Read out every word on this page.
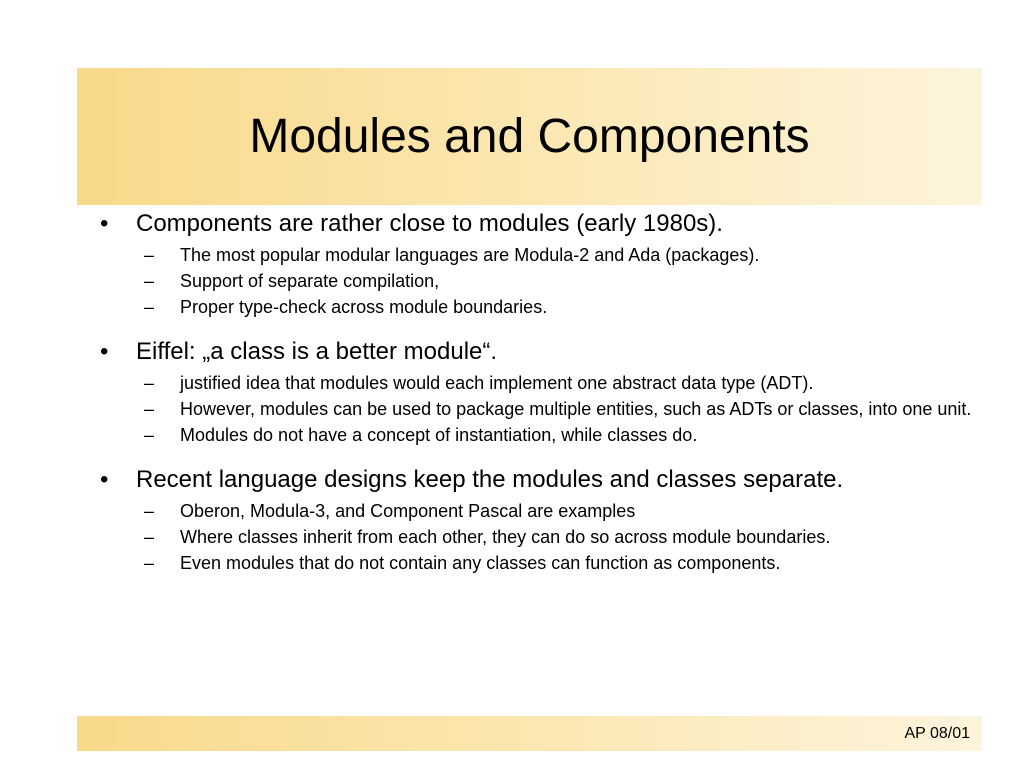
Modules and Components
• Components are rather close to modules (early 1980s).
– The most popular modular languages are Modula-2 and Ada (packages).
– Support of separate compilation,
– Proper type-check across module boundaries.
• Eiffel: „a class is a better module“.
– justified idea that modules would each implement one abstract data type (ADT).
– However, modules can be used to package multiple entities, such as ADTs or classes, into one unit.
– Modules do not have a concept of instantiation, while classes do.
• Recent language designs keep the modules and classes separate.
– Oberon, Modula-3, and Component Pascal are examples
– Where classes inherit from each other, they can do so across module boundaries.
– Even modules that do not contain any classes can function as components.
AP 08/01
